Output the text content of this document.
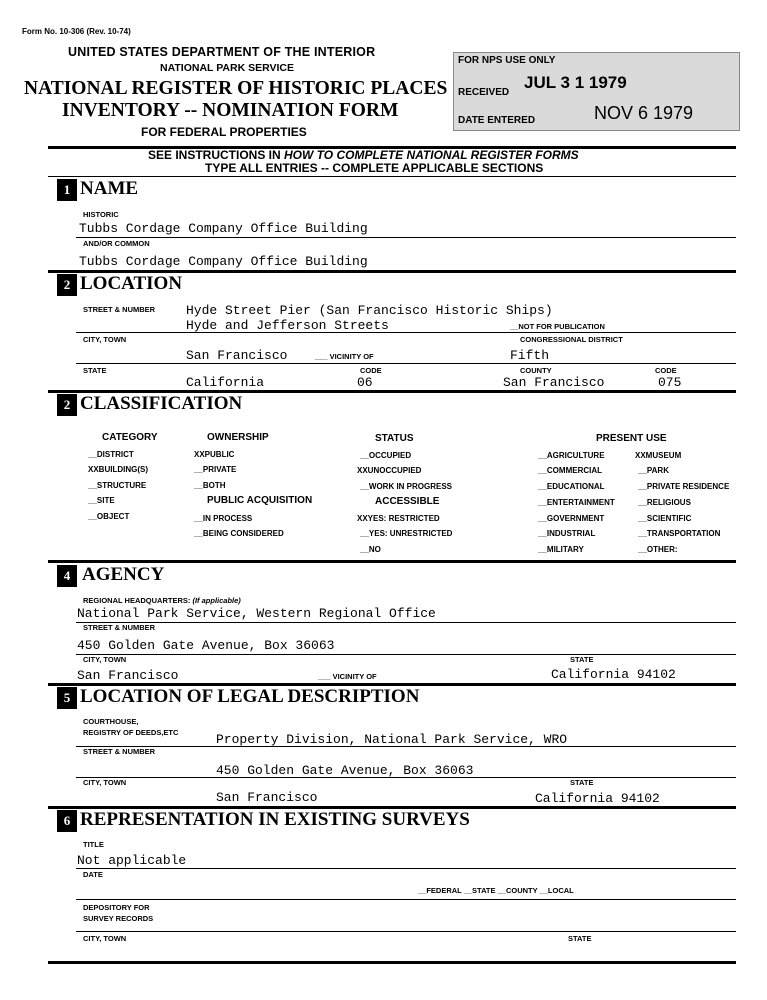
Form No. 10-306 (Rev. 10-74)
UNITED STATES DEPARTMENT OF THE INTERIOR
NATIONAL PARK SERVICE
NATIONAL REGISTER OF HISTORIC PLACES
INVENTORY -- NOMINATION FORM
FOR FEDERAL PROPERTIES
FOR NPS USE ONLY
RECEIVED
JUL 3 1 1979
DATE ENTERED	NOV 6 1979
SEE INSTRUCTIONS IN HOW TO COMPLETE NATIONAL REGISTER FORMS
TYPE ALL ENTRIES -- COMPLETE APPLICABLE SECTIONS
1 NAME
HISTORIC
Tubbs Cordage Company Office Building
AND/OR COMMON
Tubbs Cordage Company Office Building
2 LOCATION
STREET & NUMBER Hyde Street Pier (San Francisco Historic Ships)
Hyde and Jefferson Streets	__NOT FOR PUBLICATION
CITY, TOWN	CONGRESSIONAL DISTRICT
San Francisco	___ VICINITY OF	Fifth
STATE	CODE	COUNTY	CODE
California	06	San Francisco	075
2 CLASSIFICATION
CATEGORY
__DISTRICT
XXBUILDING(S)
__STRUCTURE
__SITE
__OBJECT
OWNERSHIP
XXPUBLIC
__PRIVATE
__BOTH
PUBLIC ACQUISITION
__IN PROCESS
__BEING CONSIDERED
STATUS
__OCCUPIED
XXUNOCCUPIED
__WORK IN PROGRESS
ACCESSIBLE
XXYES: RESTRICTED
__YES: UNRESTRICTED
__NO
PRESENT USE
__AGRICULTURE
__COMMERCIAL
__EDUCATIONAL
__ENTERTAINMENT
__GOVERNMENT
__INDUSTRIAL
__MILITARY
XXMUSEUM
__PARK
__PRIVATE RESIDENCE
__RELIGIOUS
__SCIENTIFIC
__TRANSPORTATION
__OTHER:
4 AGENCY
REGIONAL HEADQUARTERS: (If applicable)
National Park Service, Western Regional Office
STREET & NUMBER
450 Golden Gate Avenue, Box 36063
CITY, TOWN	STATE
San Francisco	___ VICINITY OF	California 94102
5 LOCATION OF LEGAL DESCRIPTION
COURTHOUSE,
REGISTRY OF DEEDS,ETC	Property Division, National Park Service, WRO
STREET & NUMBER
450 Golden Gate Avenue, Box 36063
CITY, TOWN	STATE
San Francisco	California 94102
6 REPRESENTATION IN EXISTING SURVEYS
TITLE
Not applicable
DATE
__FEDERAL __STATE __COUNTY __LOCAL
DEPOSITORY FOR
SURVEY RECORDS
CITY, TOWN	STATE
